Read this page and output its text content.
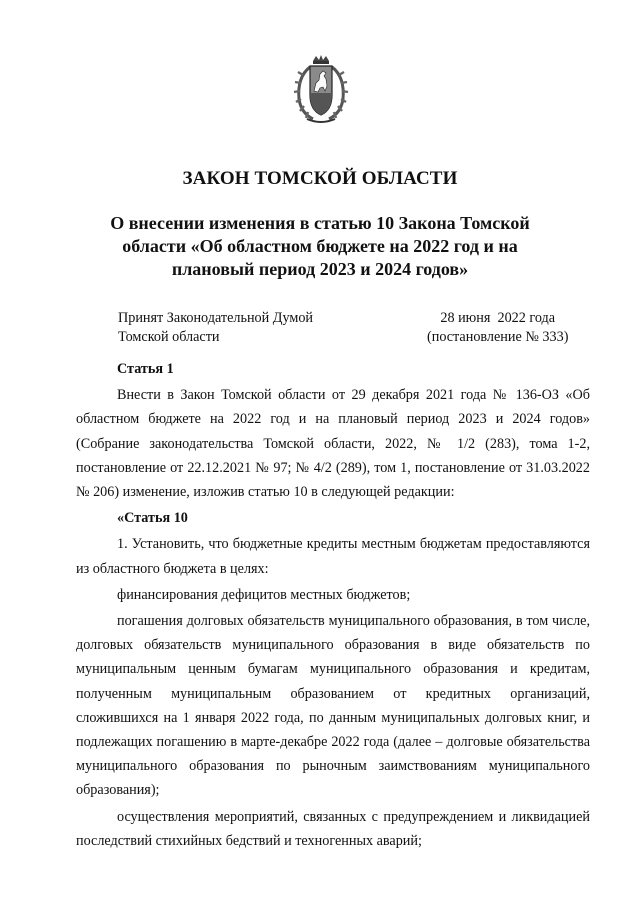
ЗАКОН ТОМСКОЙ ОБЛАСТИ
О внесении изменения в статью 10 Закона Томской
области «Об областном бюджете на 2022 год и на
плановый период 2023 и 2024 годов»
Принят Законодательной Думой
Томской области
28 июня  2022 года
(постановление № 333)

Статья 1

Внести в Закон Томской области от 29 декабря 2021 года № 136-ОЗ «Об областном бюджете на 2022 год и на плановый период 2023 и 2024 годов» (Собрание законодательства Томской области, 2022, № 1/2 (283), тома 1-2, постановление от 22.12.2021 № 97; № 4/2 (289), том 1, постановление от 31.03.2022 № 206) изменение, изложив статью 10 в следующей редакции:

«Статья 10

1. Установить, что бюджетные кредиты местным бюджетам предоставляются из областного бюджета в целях:

финансирования дефицитов местных бюджетов;

погашения долговых обязательств муниципального образования, в том числе, долговых обязательств муниципального образования в виде обязательств по муниципальным ценным бумагам муниципального образования и кредитам, полученным муниципальным образованием от кредитных организаций, сложившихся на 1 января 2022 года, по данным муниципальных долговых книг, и подлежащих погашению в марте-декабре 2022 года (далее – долговые обязательства муниципального образования по рыночным заимствованиям муниципального образования);

осуществления мероприятий, связанных с предупреждением и ликвидацией последствий стихийных бедствий и техногенных аварий;
